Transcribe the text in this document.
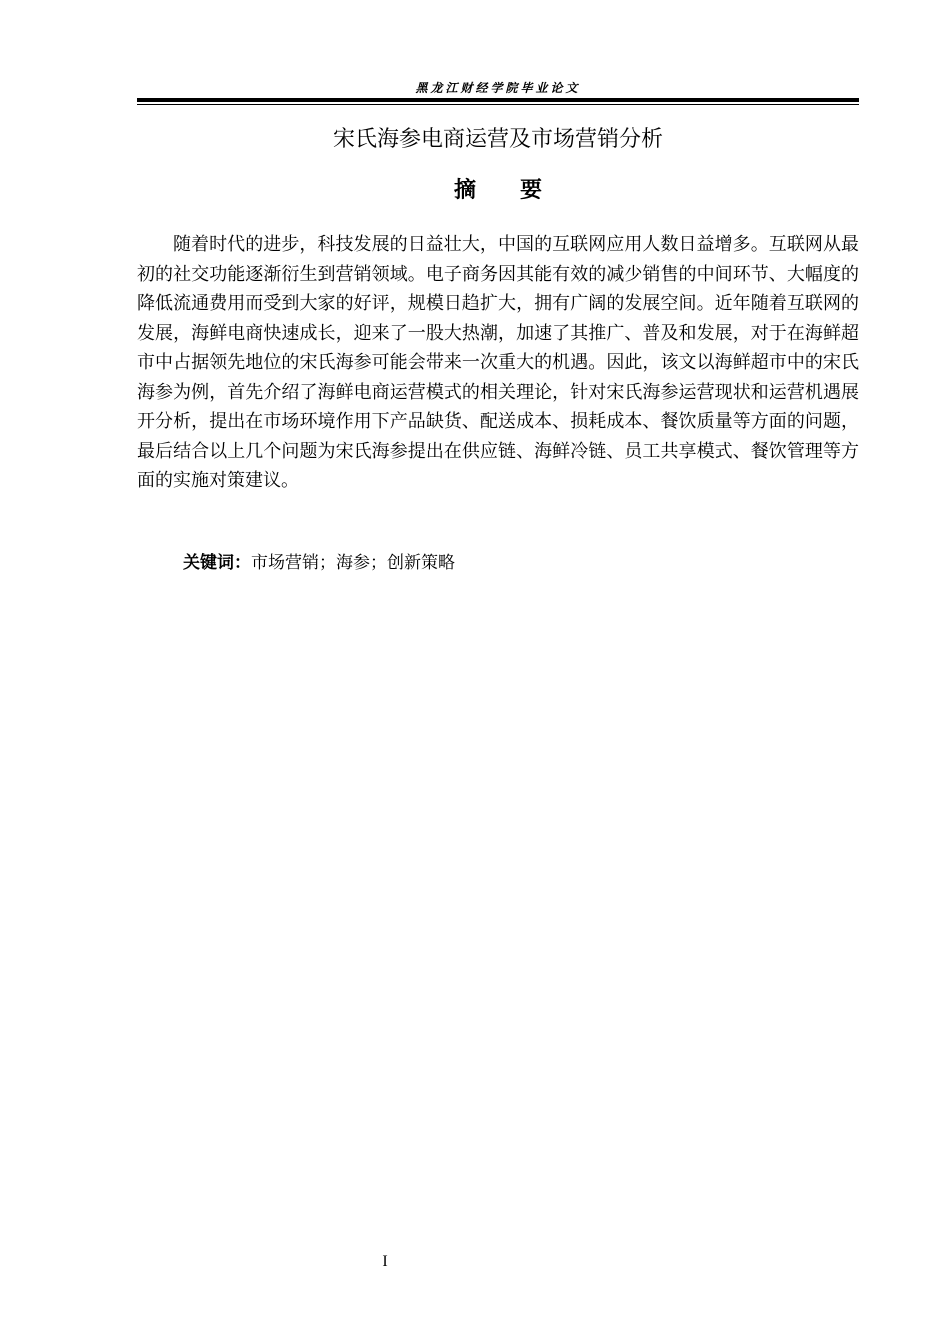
黑龙江财经学院毕业论文
宋氏海参电商运营及市场营销分析
摘　　要

随着时代的进步，科技发展的日益壮大，中国的互联网应用人数日益增多。互联网从最初的社交功能逐渐衍生到营销领域。电子商务因其能有效的减少销售的中间环节、大幅度的降低流通费用而受到大家的好评，规模日趋扩大，拥有广阔的发展空间。近年随着互联网的发展，海鲜电商快速成长，迎来了一股大热潮，加速了其推广、普及和发展，对于在海鲜超市中占据领先地位的宋氏海参可能会带来一次重大的机遇。因此，该文以海鲜超市中的宋氏海参为例，首先介绍了海鲜电商运营模式的相关理论，针对宋氏海参运营现状和运营机遇展开分析，提出在市场环境作用下产品缺货、配送成本、损耗成本、餐饮质量等方面的问题，最后结合以上几个问题为宋氏海参提出在供应链、海鲜冷链、员工共享模式、餐饮管理等方面的实施对策建议。

关键词：市场营销；海参；创新策略
I
